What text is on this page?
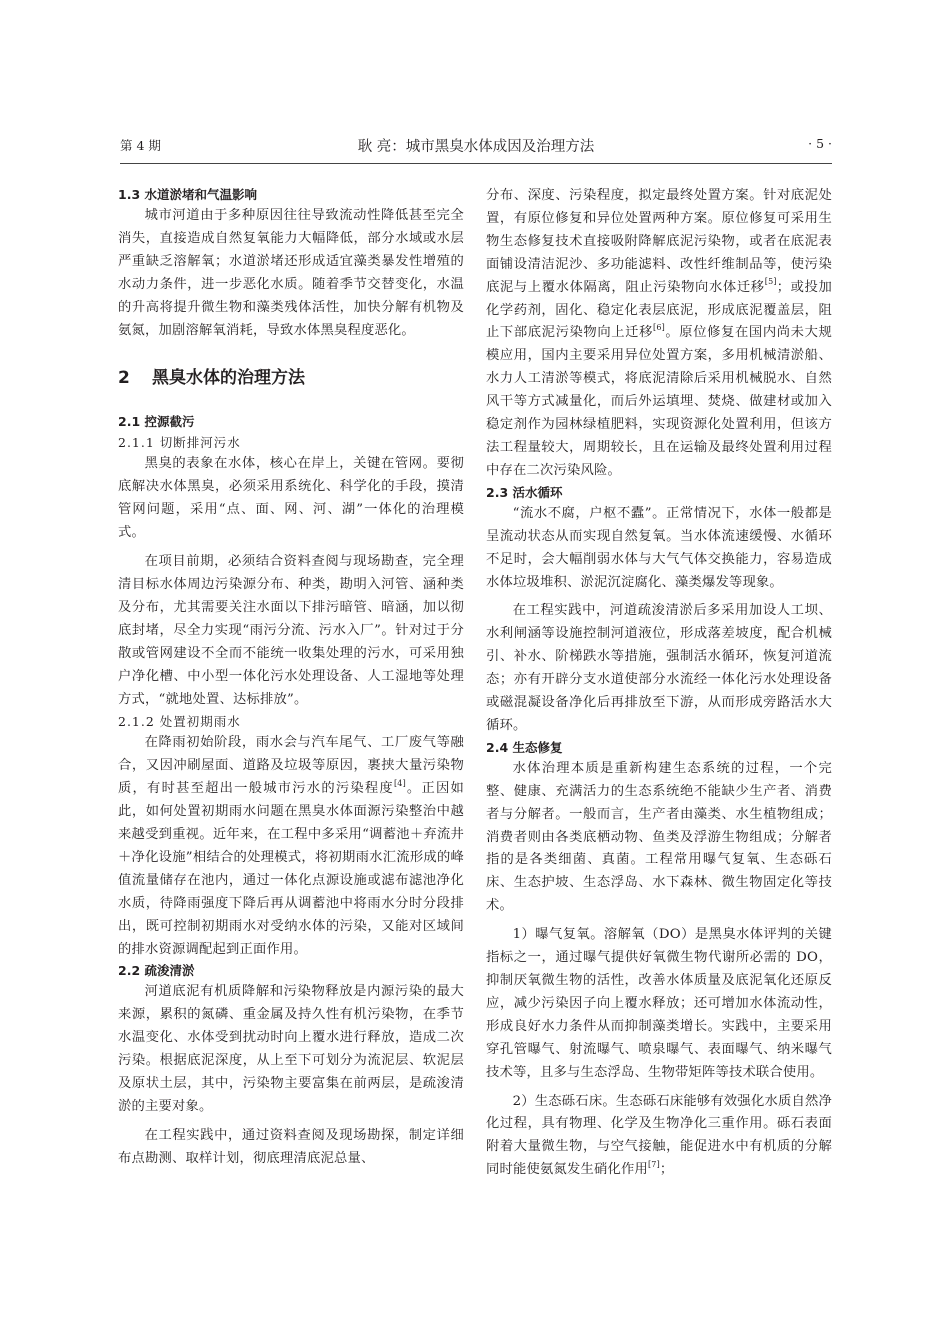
第 4 期	耿 亮：城市黑臭水体成因及治理方法	· 5 ·
1.3 水道淤堵和气温影响

城市河道由于多种原因往往导致流动性降低甚至完全消失，直接造成自然复氧能力大幅降低，部分水域或水层严重缺乏溶解氧；水道淤堵还形成适宜藻类暴发性增殖的水动力条件，进一步恶化水质。随着季节交替变化，水温的升高将提升微生物和藻类残体活性，加快分解有机物及氨氮，加剧溶解氧消耗，导致水体黑臭程度恶化。

2 黑臭水体的治理方法
2.1 控源截污
2.1.1 切断排河污水

黑臭的表象在水体，核心在岸上，关键在管网。要彻底解决水体黑臭，必须采用系统化、科学化的手段，摸清管网问题，采用“点、面、网、河、湖”一体化的治理模式。

在项目前期，必须结合资料查阅与现场勘查，完全理清目标水体周边污染源分布、种类，勘明入河管、涵种类及分布，尤其需要关注水面以下排污暗管、暗涵，加以彻底封堵，尽全力实现“雨污分流、污水入厂”。针对过于分散或管网建设不全而不能统一收集处理的污水，可采用独户净化槽、中小型一体化污水处理设备、人工湿地等处理方式，“就地处置、达标排放”。

2.1.2 处置初期雨水

在降雨初始阶段，雨水会与汽车尾气、工厂废气等融合，又因冲刷屋面、道路及垃圾等原因，裹挟大量污染物质，有时甚至超出一般城市污水的污染程度[4]。正因如此，如何处置初期雨水问题在黑臭水体面源污染整治中越来越受到重视。近年来，在工程中多采用“调蓄池＋弃流井＋净化设施”相结合的处理模式，将初期雨水汇流形成的峰值流量储存在池内，通过一体化点源设施或滤布滤池净化水质，待降雨强度下降后再从调蓄池中将雨水分时分段排出，既可控制初期雨水对受纳水体的污染，又能对区域间的排水资源调配起到正面作用。

2.2 疏浚清淤

河道底泥有机质降解和污染物释放是内源污染的最大来源，累积的氮磷、重金属及持久性有机污染物，在季节水温变化、水体受到扰动时向上覆水进行释放，造成二次污染。根据底泥深度，从上至下可划分为流泥层、软泥层及原状土层，其中，污染物主要富集在前两层，是疏浚清淤的主要对象。

在工程实践中，通过资料查阅及现场勘探，制定详细布点勘测、取样计划，彻底理清底泥总量、

分布、深度、污染程度，拟定最终处置方案。针对底泥处置，有原位修复和异位处置两种方案。原位修复可采用生物生态修复技术直接吸附降解底泥污染物，或者在底泥表面铺设清洁泥沙、多功能滤料、改性纤维制品等，使污染底泥与上覆水体隔离，阻止污染物向水体迁移[5]；或投加化学药剂，固化、稳定化表层底泥，形成底泥覆盖层，阻止下部底泥污染物向上迁移[6]。原位修复在国内尚未大规模应用，国内主要采用异位处置方案，多用机械清淤船、水力人工清淤等模式，将底泥清除后采用机械脱水、自然风干等方式减量化，而后外运填埋、焚烧、做建材或加入稳定剂作为园林绿植肥料，实现资源化处置利用，但该方法工程量较大，周期较长，且在运输及最终处置利用过程中存在二次污染风险。

2.3 活水循环

“流水不腐，户枢不蠹”。正常情况下，水体一般都是呈流动状态从而实现自然复氧。当水体流速缓慢、水循环不足时，会大幅削弱水体与大气气体交换能力，容易造成水体垃圾堆积、淤泥沉淀腐化、藻类爆发等现象。

在工程实践中，河道疏浚清淤后多采用加设人工坝、水利闸涵等设施控制河道液位，形成落差坡度，配合机械引、补水、阶梯跌水等措施，强制活水循环，恢复河道流态；亦有开辟分支水道使部分水流经一体化污水处理设备或磁混凝设备净化后再排放至下游，从而形成旁路活水大循环。

2.4 生态修复

水体治理本质是重新构建生态系统的过程，一个完整、健康、充满活力的生态系统绝不能缺少生产者、消费者与分解者。一般而言，生产者由藻类、水生植物组成；消费者则由各类底栖动物、鱼类及浮游生物组成；分解者指的是各类细菌、真菌。工程常用曝气复氧、生态砾石床、生态护坡、生态浮岛、水下森林、微生物固定化等技术。

1）曝气复氧。溶解氧（DO）是黑臭水体评判的关键指标之一，通过曝气提供好氧微生物代谢所必需的 DO，抑制厌氧微生物的活性，改善水体质量及底泥氧化还原反应，减少污染因子向上覆水释放；还可增加水体流动性，形成良好水力条件从而抑制藻类增长。实践中，主要采用穿孔管曝气、射流曝气、喷泉曝气、表面曝气、纳米曝气技术等，且多与生态浮岛、生物带矩阵等技术联合使用。

2）生态砾石床。生态砾石床能够有效强化水质自然净化过程，具有物理、化学及生物净化三重作用。砾石表面附着大量微生物，与空气接触，能促进水中有机质的分解同时能使氨氮发生硝化作用[7]；
